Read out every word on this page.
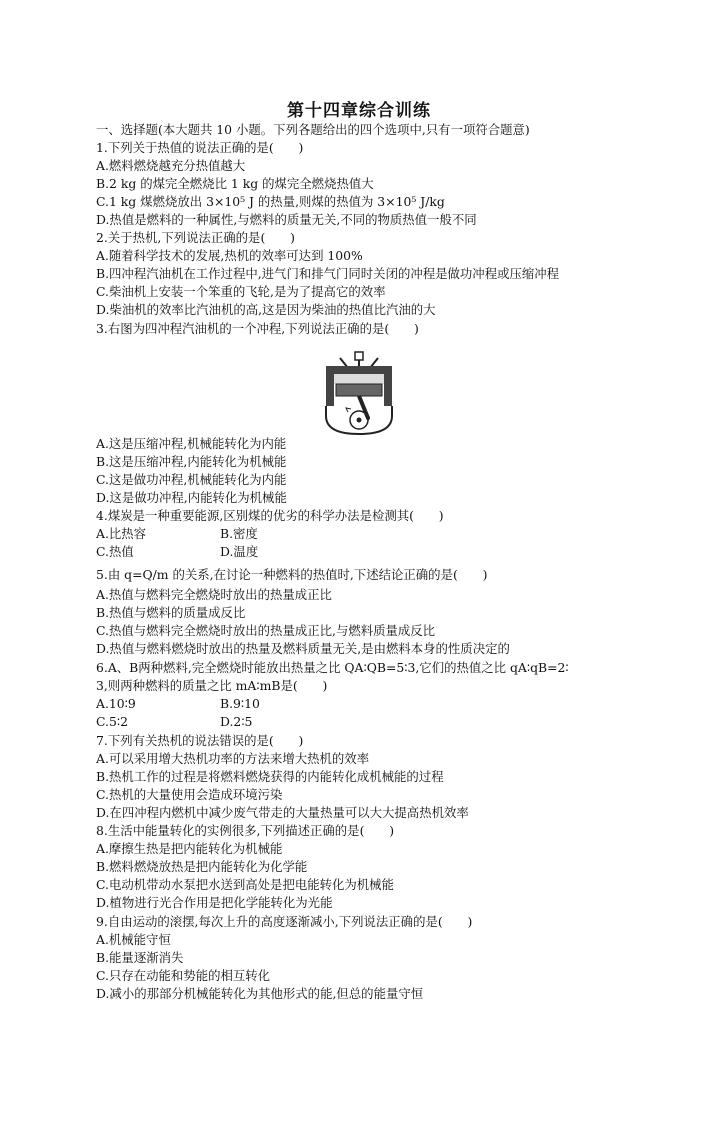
第十四章综合训练
一、选择题(本大题共 10 小题。下列各题给出的四个选项中,只有一项符合题意)
1.下列关于热值的说法正确的是(　　)
A.燃料燃烧越充分热值越大
B.2 kg 的煤完全燃烧比 1 kg 的煤完全燃烧热值大
C.1 kg 煤燃烧放出 3×10⁵ J 的热量,则煤的热值为 3×10⁵ J/kg
D.热值是燃料的一种属性,与燃料的质量无关,不同的物质热值一般不同
2.关于热机,下列说法正确的是(　　)
A.随着科学技术的发展,热机的效率可达到 100%
B.四冲程汽油机在工作过程中,进气门和排气门同时关闭的冲程是做功冲程或压缩冲程
C.柴油机上安装一个笨重的飞轮,是为了提高它的效率
D.柴油机的效率比汽油机的高,这是因为柴油的热值比汽油的大
3.右图为四冲程汽油机的一个冲程,下列说法正确的是(　　)
A.这是压缩冲程,机械能转化为内能
B.这是压缩冲程,内能转化为机械能
C.这是做功冲程,机械能转化为内能
D.这是做功冲程,内能转化为机械能
4.煤炭是一种重要能源,区别煤的优劣的科学办法是检测其(　　)
A.比热容	B.密度
C.热值	D.温度
5.由 q=Q/m 的关系,在讨论一种燃料的热值时,下述结论正确的是(　　)
A.热值与燃料完全燃烧时放出的热量成正比
B.热值与燃料的质量成反比
C.热值与燃料完全燃烧时放出的热量成正比,与燃料质量成反比
D.热值与燃料燃烧时放出的热量及燃料质量无关,是由燃料本身的性质决定的
6.A、B两种燃料,完全燃烧时能放出热量之比 QA∶QB=5∶3,它们的热值之比 qA∶qB=2∶
3,则两种燃料的质量之比 mA∶mB是(　　)
A.10∶9	B.9∶10
C.5∶2	D.2∶5
7.下列有关热机的说法错误的是(　　)
A.可以采用增大热机功率的方法来增大热机的效率
B.热机工作的过程是将燃料燃烧获得的内能转化成机械能的过程
C.热机的大量使用会造成环境污染
D.在四冲程内燃机中减少废气带走的大量热量可以大大提高热机效率
8.生活中能量转化的实例很多,下列描述正确的是(　　)
A.摩擦生热是把内能转化为机械能
B.燃料燃烧放热是把内能转化为化学能
C.电动机带动水泵把水送到高处是把电能转化为机械能
D.植物进行光合作用是把化学能转化为光能
9.自由运动的滚摆,每次上升的高度逐渐减小,下列说法正确的是(　　)
A.机械能守恒
B.能量逐渐消失
C.只存在动能和势能的相互转化
D.减小的那部分机械能转化为其他形式的能,但总的能量守恒
